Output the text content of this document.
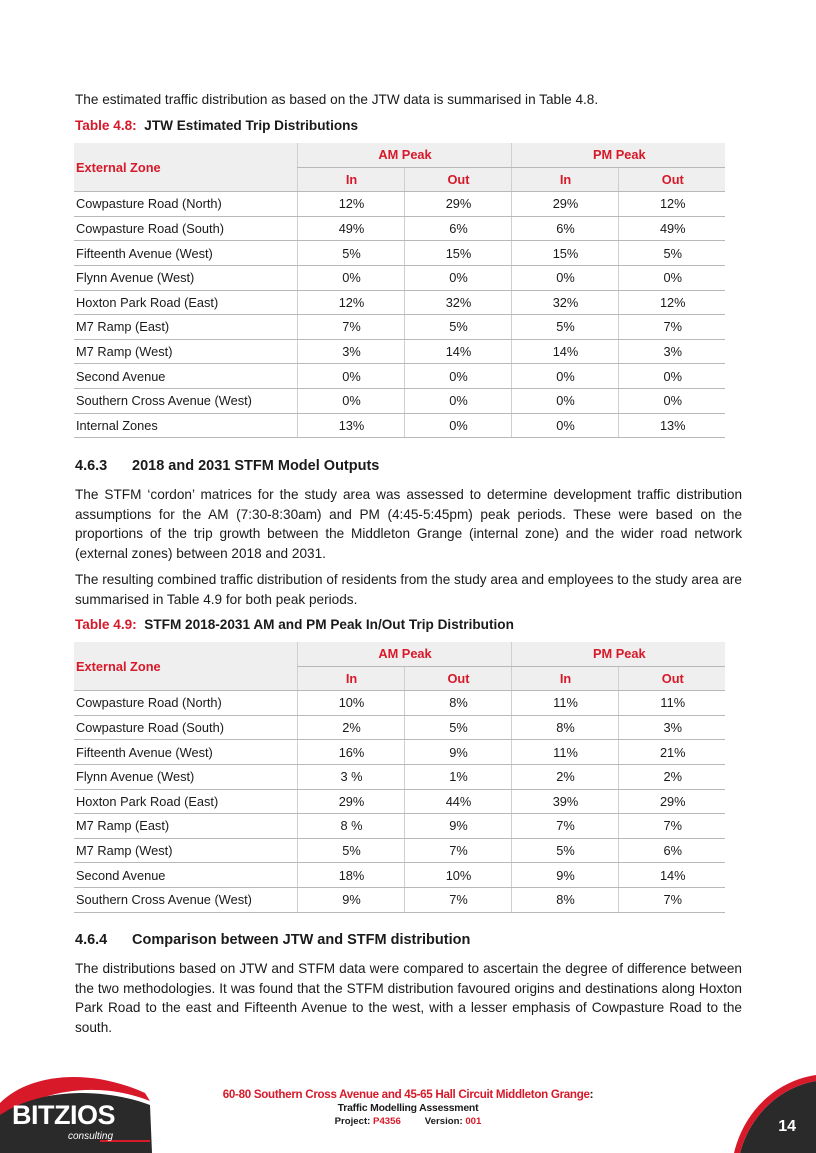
The estimated traffic distribution as based on the JTW data is summarised in Table 4.8.

Table 4.8: JTW Estimated Trip Distributions

External Zone	AM Peak		PM Peak	
	In	Out	In	Out
Cowpasture Road (North)	12%	29%	29%	12%
Cowpasture Road (South)	49%	6%	6%	49%
Fifteenth Avenue (West)	5%	15%	15%	5%
Flynn Avenue (West)	0%	0%	0%	0%
Hoxton Park Road (East)	12%	32%	32%	12%
M7 Ramp (East)	7%	5%	5%	7%
M7 Ramp (West)	3%	14%	14%	3%
Second Avenue	0%	0%	0%	0%
Southern Cross Avenue (West)	0%	0%	0%	0%
Internal Zones	13%	0%	0%	13%

4.6.3 2018 and 2031 STFM Model Outputs

The STFM ‘cordon’ matrices for the study area was assessed to determine development traffic distribution assumptions for the AM (7:30-8:30am) and PM (4:45-5:45pm) peak periods. These were based on the proportions of the trip growth between the Middleton Grange (internal zone) and the wider road network (external zones) between 2018 and 2031.

The resulting combined traffic distribution of residents from the study area and employees to the study area are summarised in Table 4.9 for both peak periods.

Table 4.9: STFM 2018-2031 AM and PM Peak In/Out Trip Distribution

External Zone	AM Peak		PM Peak	
	In	Out	In	Out
Cowpasture Road (North)	10%	8%	11%	11%
Cowpasture Road (South)	2%	5%	8%	3%
Fifteenth Avenue (West)	16%	9%	11%	21%
Flynn Avenue (West)	3 %	1%	2%	2%
Hoxton Park Road (East)	29%	44%	39%	29%
M7 Ramp (East)	8 %	9%	7%	7%
M7 Ramp (West)	5%	7%	5%	6%
Second Avenue	18%	10%	9%	14%
Southern Cross Avenue (West)	9%	7%	8%	7%

4.6.4 Comparison between JTW and STFM distribution

The distributions based on JTW and STFM data were compared to ascertain the degree of difference between the two methodologies. It was found that the STFM distribution favoured origins and destinations along Hoxton Park Road to the east and Fifteenth Avenue to the west, with a lesser emphasis of Cowpasture Road to the south.

BITZIOS
consulting
60-80 Southern Cross Avenue and 45-65 Hall Circuit Middleton Grange:
Traffic Modelling Assessment
Project: P4356	Version: 001	14
